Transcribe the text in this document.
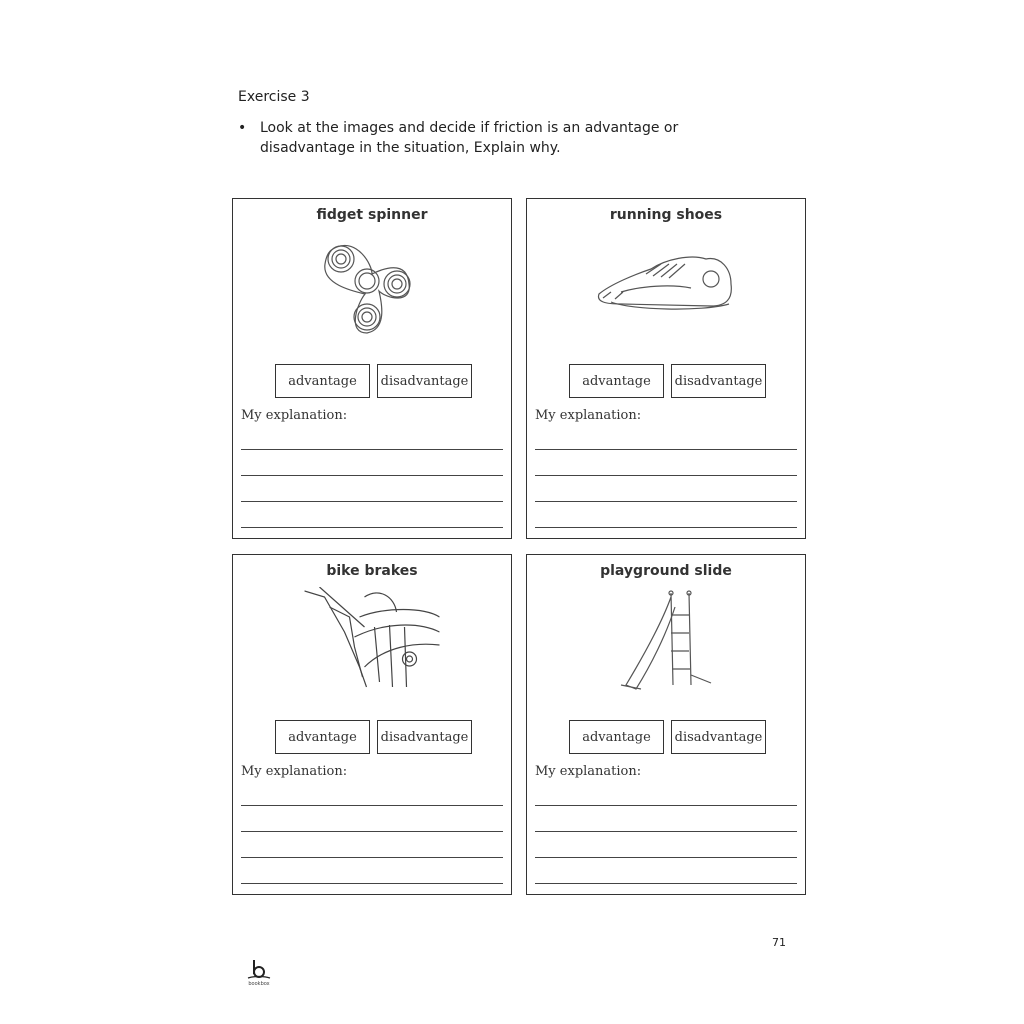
Exercise 3
• Look at the images and decide if friction is an advantage or disadvantage in the situation, Explain why.
fidget spinner
advantage	disadvantage
My explanation:
running shoes
advantage	disadvantage
My explanation:
bike brakes
advantage	disadvantage
My explanation:
playground slide
advantage	disadvantage
My explanation:
71
bookbox
